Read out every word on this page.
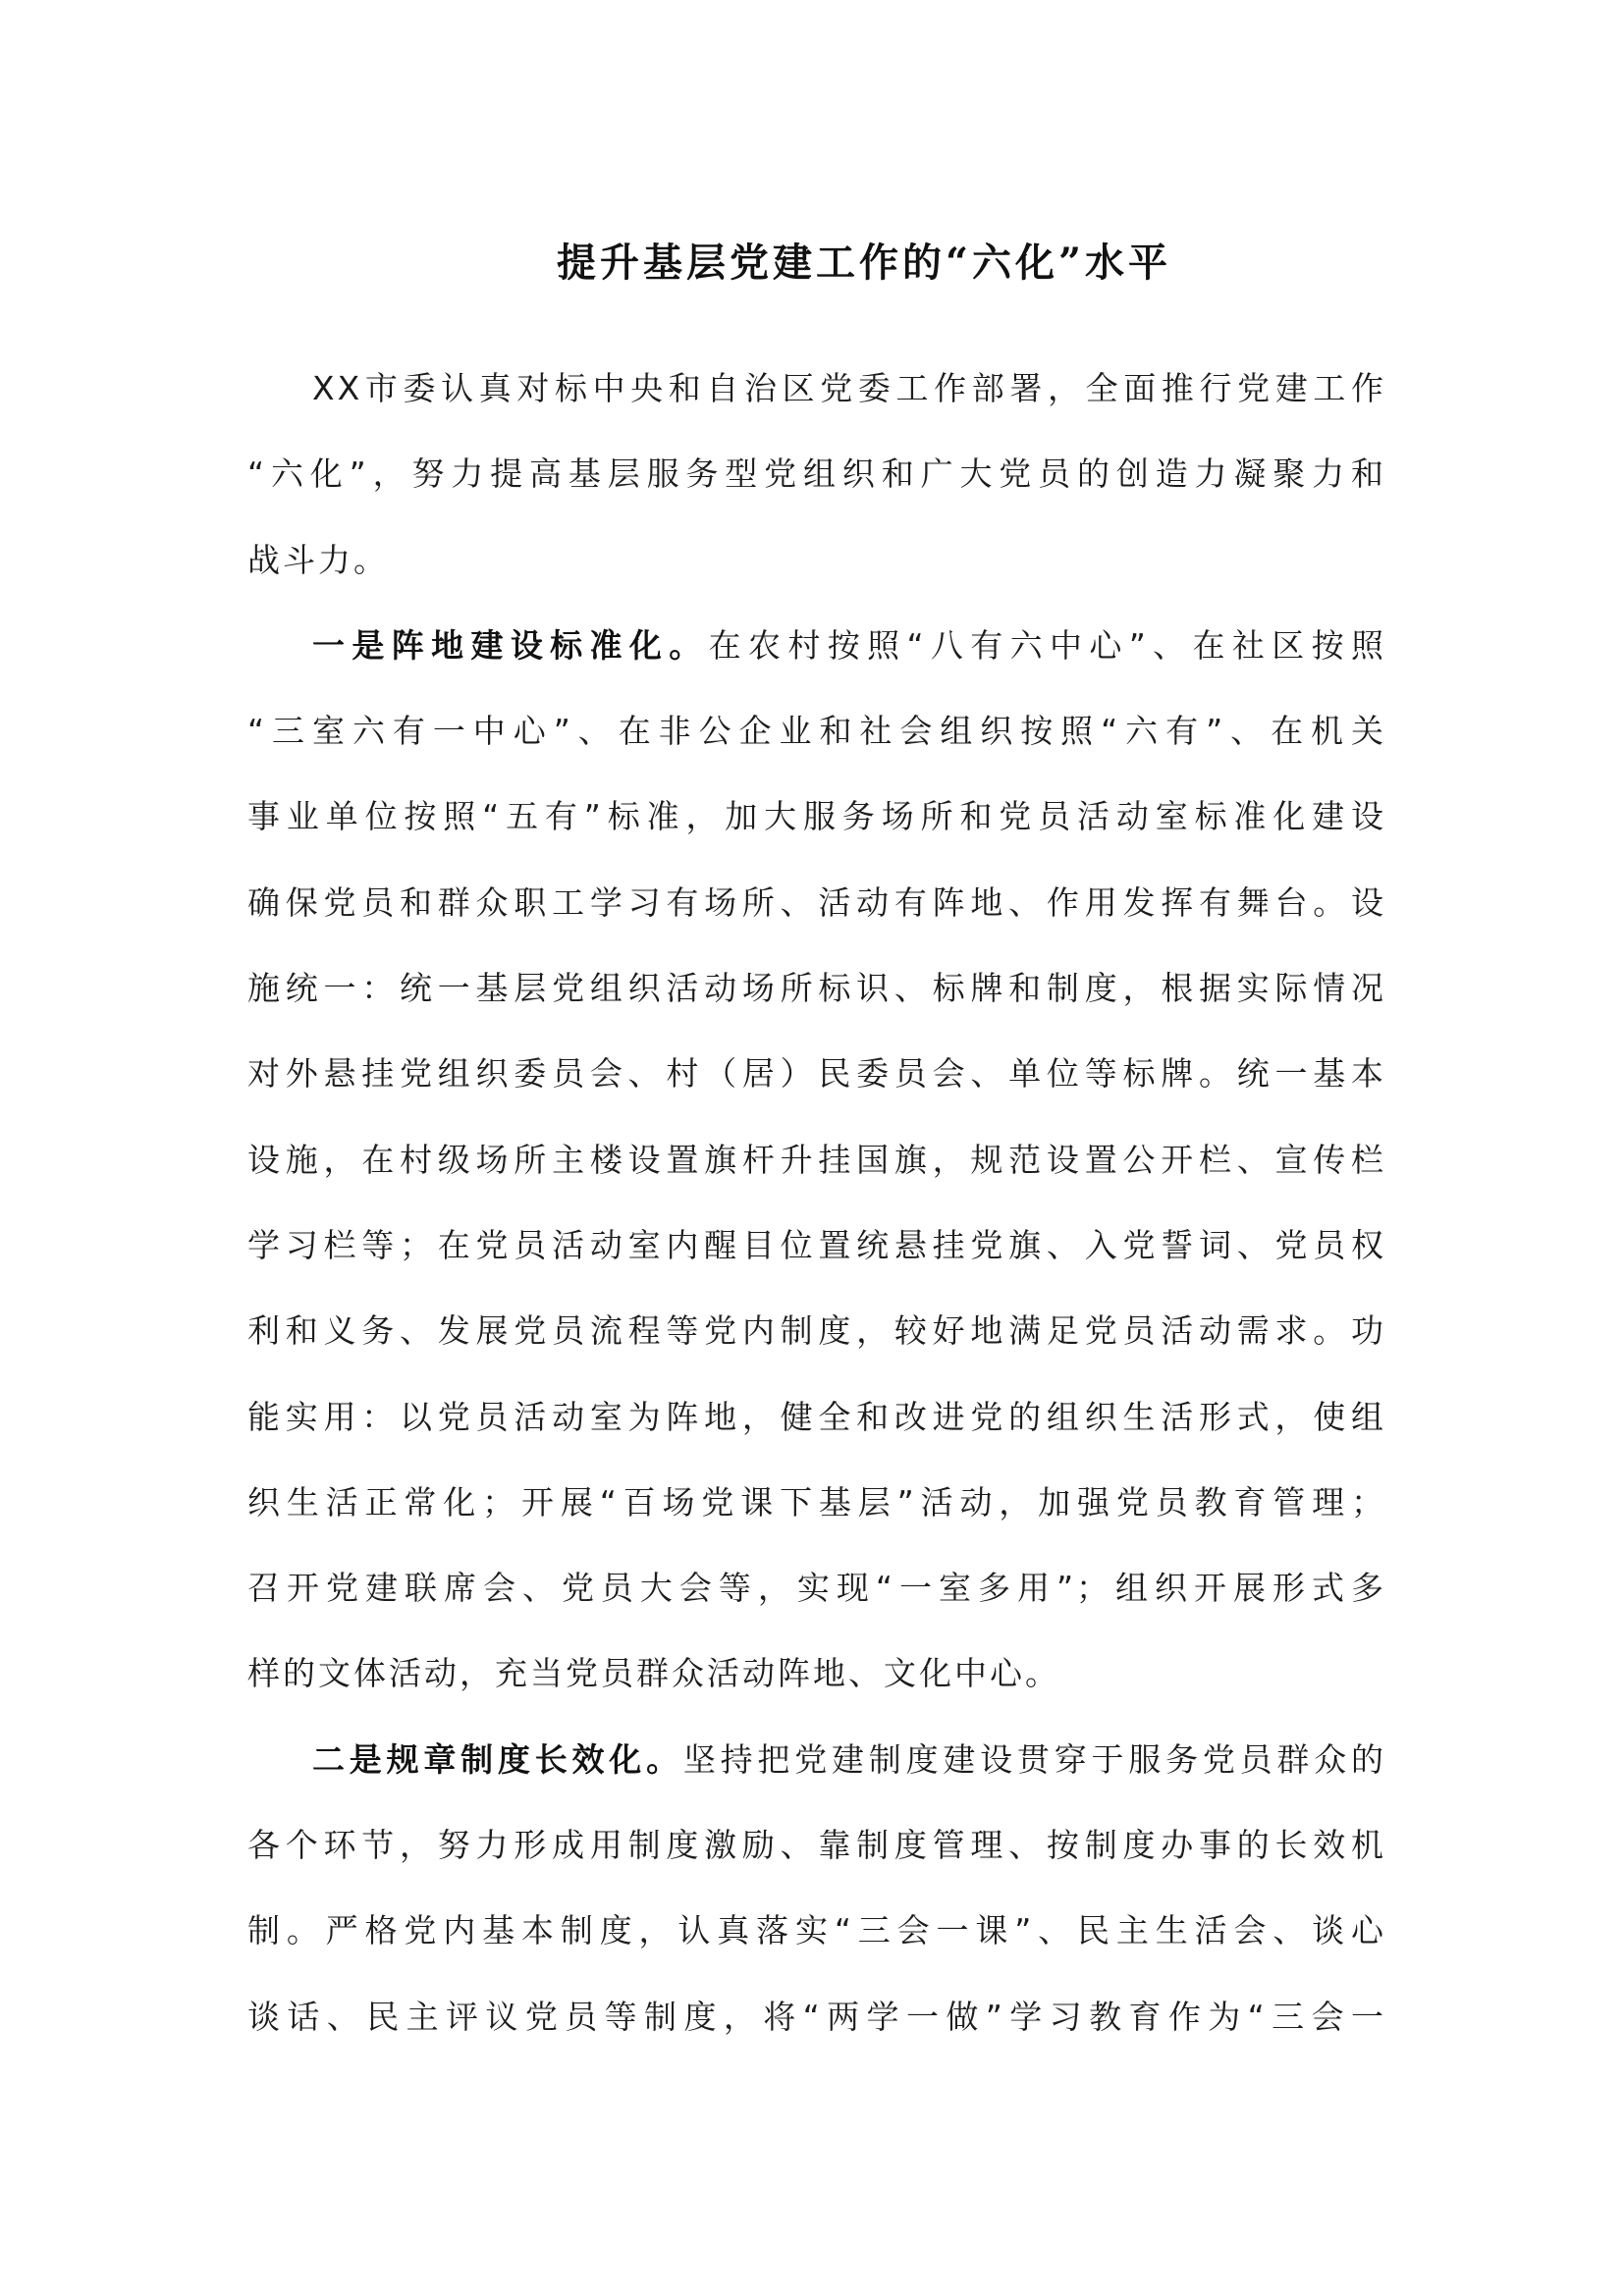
提升基层党建工作的“六化”水平
XX市委认真对标中央和自治区党委工作部署，全面推行党建工作
“六化”，努力提高基层服务型党组织和广大党员的创造力凝聚力和
战斗力。
一是阵地建设标准化。在农村按照“八有六中心”、在社区按照
“三室六有一中心”、在非公企业和社会组织按照“六有”、在机关
事业单位按照“五有”标准，加大服务场所和党员活动室标准化建设
确保党员和群众职工学习有场所、活动有阵地、作用发挥有舞台。设
施统一：统一基层党组织活动场所标识、标牌和制度，根据实际情况
对外悬挂党组织委员会、村（居）民委员会、单位等标牌。统一基本
设施，在村级场所主楼设置旗杆升挂国旗，规范设置公开栏、宣传栏
学习栏等；在党员活动室内醒目位置统悬挂党旗、入党誓词、党员权
利和义务、发展党员流程等党内制度，较好地满足党员活动需求。功
能实用：以党员活动室为阵地，健全和改进党的组织生活形式，使组
织生活正常化；开展“百场党课下基层”活动，加强党员教育管理；
召开党建联席会、党员大会等，实现“一室多用”；组织开展形式多
样的文体活动，充当党员群众活动阵地、文化中心。
二是规章制度长效化。坚持把党建制度建设贯穿于服务党员群众的
各个环节，努力形成用制度激励、靠制度管理、按制度办事的长效机
制。严格党内基本制度，认真落实“三会一课”、民主生活会、谈心
谈话、民主评议党员等制度，将“两学一做”学习教育作为“三会一
